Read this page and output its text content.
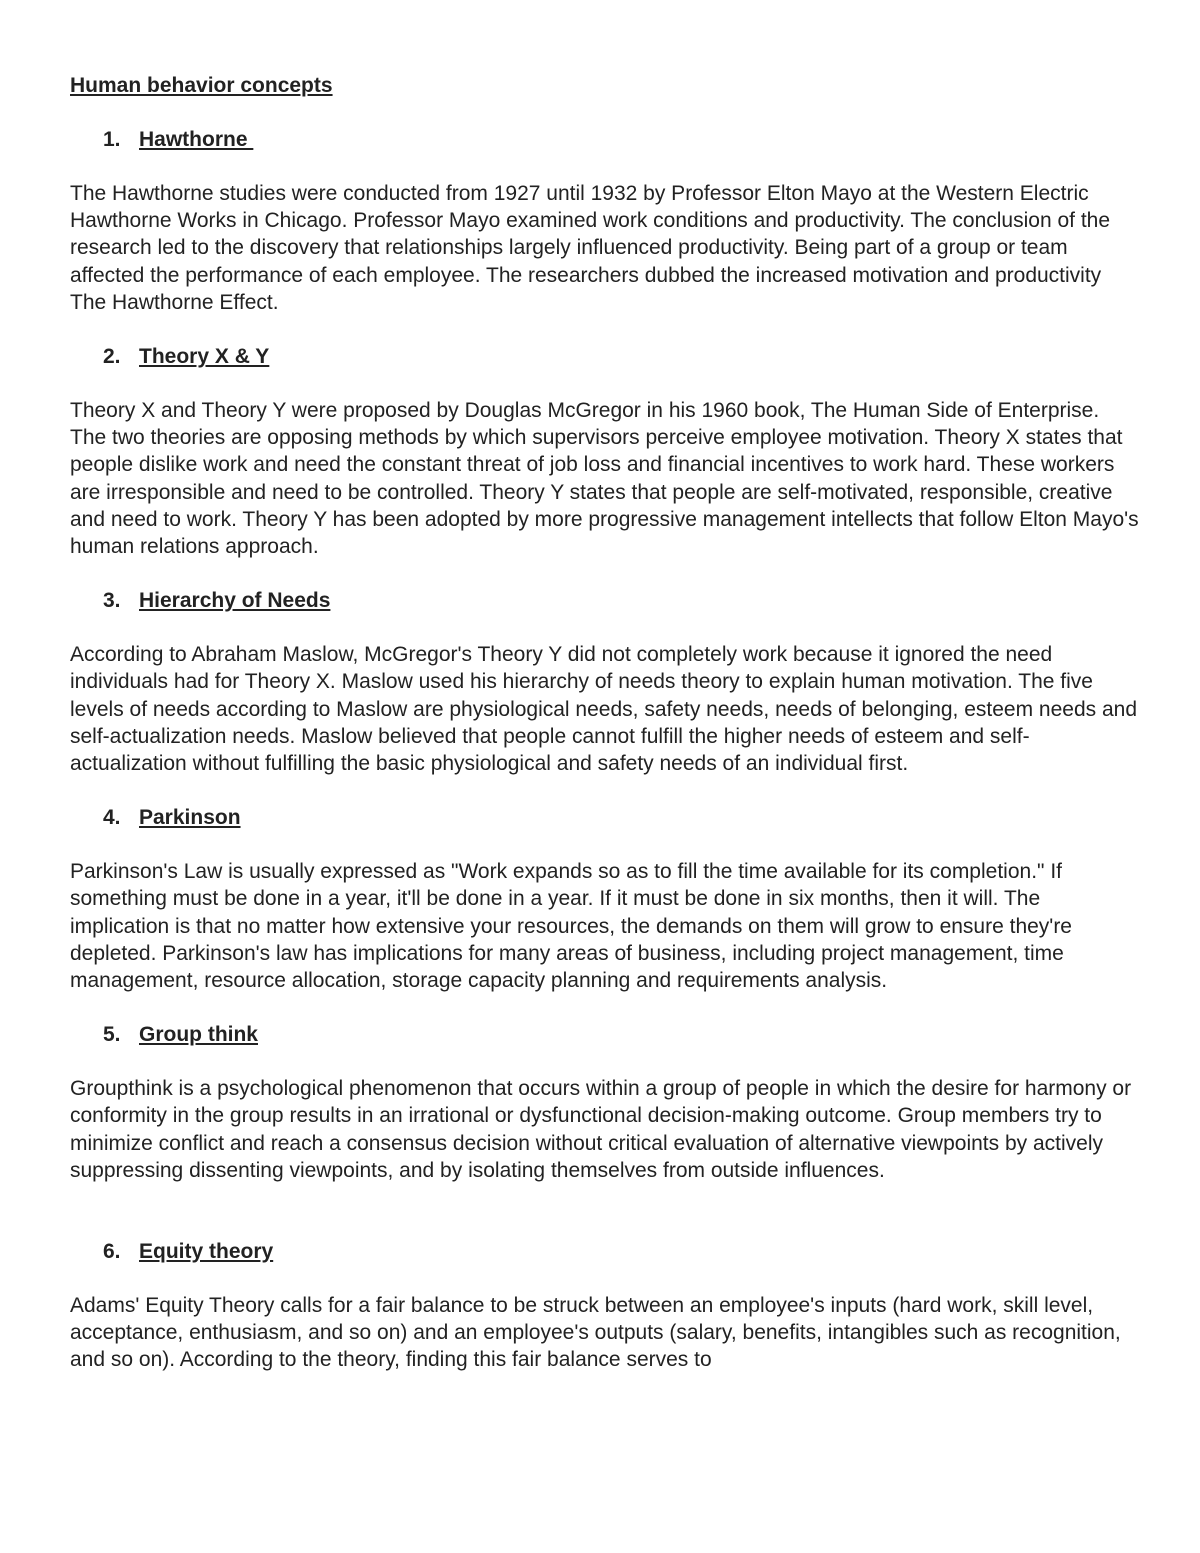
Human behavior concepts
1. Hawthorne
The Hawthorne studies were conducted from 1927 until 1932 by Professor Elton Mayo at the Western Electric Hawthorne Works in Chicago. Professor Mayo examined work conditions and productivity. The conclusion of the research led to the discovery that relationships largely influenced productivity. Being part of a group or team affected the performance of each employee. The researchers dubbed the increased motivation and productivity The Hawthorne Effect.
2. Theory X & Y
Theory X and Theory Y were proposed by Douglas McGregor in his 1960 book, The Human Side of Enterprise. The two theories are opposing methods by which supervisors perceive employee motivation. Theory X states that people dislike work and need the constant threat of job loss and financial incentives to work hard. These workers are irresponsible and need to be controlled. Theory Y states that people are self-motivated, responsible, creative and need to work. Theory Y has been adopted by more progressive management intellects that follow Elton Mayo's human relations approach.
3. Hierarchy of Needs
According to Abraham Maslow, McGregor's Theory Y did not completely work because it ignored the need individuals had for Theory X. Maslow used his hierarchy of needs theory to explain human motivation. The five levels of needs according to Maslow are physiological needs, safety needs, needs of belonging, esteem needs and self-actualization needs. Maslow believed that people cannot fulfill the higher needs of esteem and self-actualization without fulfilling the basic physiological and safety needs of an individual first.
4. Parkinson
Parkinson's Law is usually expressed as "Work expands so as to fill the time available for its completion." If something must be done in a year, it'll be done in a year. If it must be done in six months, then it will. The implication is that no matter how extensive your resources, the demands on them will grow to ensure they're depleted. Parkinson's law has implications for many areas of business, including project management, time management, resource allocation, storage capacity planning and requirements analysis.
5. Group think
Groupthink is a psychological phenomenon that occurs within a group of people in which the desire for harmony or conformity in the group results in an irrational or dysfunctional decision-making outcome. Group members try to minimize conflict and reach a consensus decision without critical evaluation of alternative viewpoints by actively suppressing dissenting viewpoints, and by isolating themselves from outside influences.
6. Equity theory
Adams' Equity Theory calls for a fair balance to be struck between an employee's inputs (hard work, skill level, acceptance, enthusiasm, and so on) and an employee's outputs (salary, benefits, intangibles such as recognition, and so on). According to the theory, finding this fair balance serves to
